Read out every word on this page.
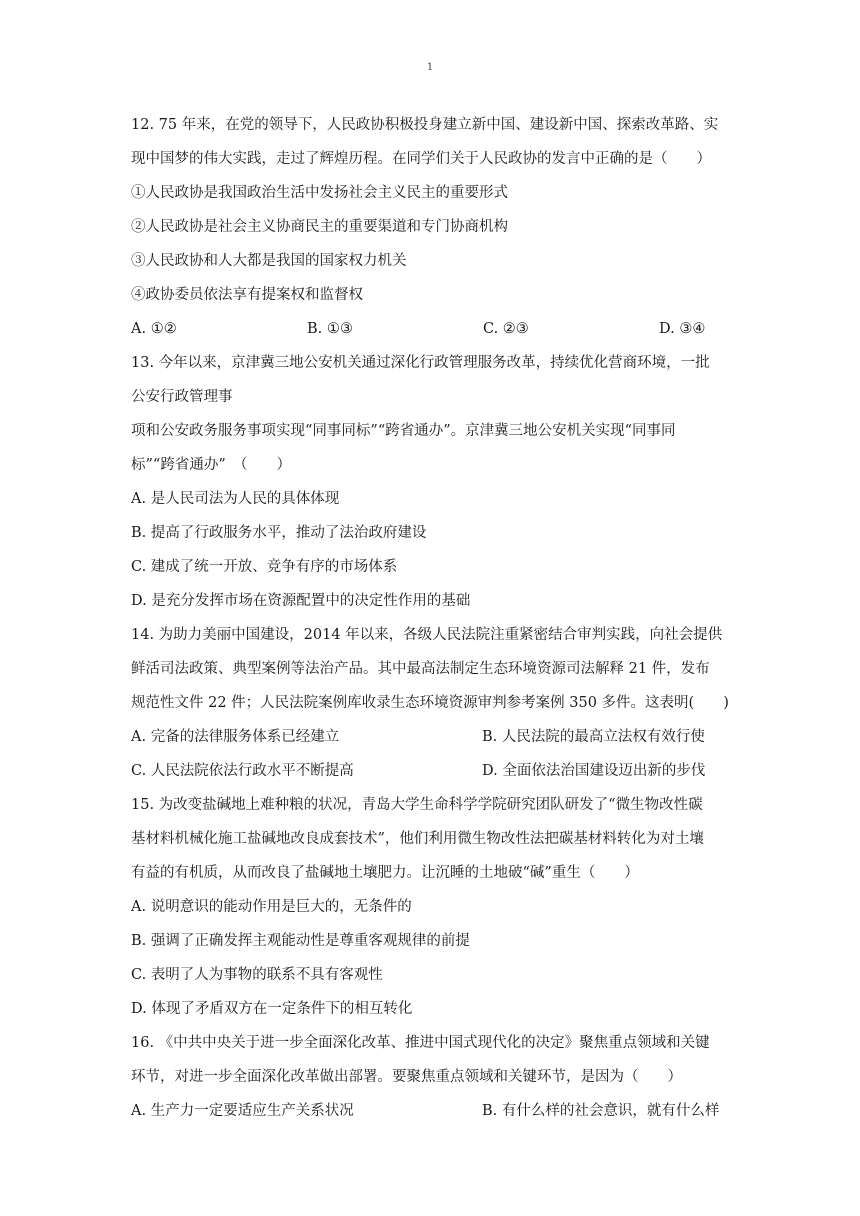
1
12. 75 年来，在党的领导下，人民政协积极投身建立新中国、建设新中国、探索改革路、实
现中国梦的伟大实践，走过了辉煌历程。在同学们关于人民政协的发言中正确的是（　　）
①人民政协是我国政治生活中发扬社会主义民主的重要形式
②人民政协是社会主义协商民主的重要渠道和专门协商机构
③人民政协和人大都是我国的国家权力机关
④政协委员依法享有提案权和监督权
A. ①②	B. ①③	C. ②③	D. ③④
13. 今年以来，京津冀三地公安机关通过深化行政管理服务改革，持续优化营商环境，一批
公安行政管理事
项和公安政务服务事项实现“同事同标”“跨省通办”。京津冀三地公安机关实现“同事同
标”“跨省通办”　（　　）
A. 是人民司法为人民的具体体现
B. 提高了行政服务水平，推动了法治政府建设
C. 建成了统一开放、竞争有序的市场体系
D. 是充分发挥市场在资源配置中的决定性作用的基础
14. 为助力美丽中国建设，2014 年以来，各级人民法院注重紧密结合审判实践，向社会提供
鲜活司法政策、典型案例等法治产品。其中最高法制定生态环境资源司法解释 21 件，发布
规范性文件 22 件；人民法院案例库收录生态环境资源审判参考案例 350 多件。这表明(　　)
A. 完备的法律服务体系已经建立	B. 人民法院的最高立法权有效行使
C. 人民法院依法行政水平不断提高	D. 全面依法治国建设迈出新的步伐
15. 为改变盐碱地上难种粮的状况，青岛大学生命科学学院研究团队研发了“微生物改性碳
基材料机械化施工盐碱地改良成套技术”，他们利用微生物改性法把碳基材料转化为对土壤
有益的有机质，从而改良了盐碱地土壤肥力。让沉睡的土地破“碱”重生（　　）
A. 说明意识的能动作用是巨大的，无条件的
B. 强调了正确发挥主观能动性是尊重客观规律的前提
C. 表明了人为事物的联系不具有客观性
D. 体现了矛盾双方在一定条件下的相互转化
16. 《中共中央关于进一步全面深化改革、推进中国式现代化的决定》聚焦重点领域和关键
环节，对进一步全面深化改革做出部署。要聚焦重点领域和关键环节，是因为（　　）
A. 生产力一定要适应生产关系状况	B. 有什么样的社会意识，就有什么样
